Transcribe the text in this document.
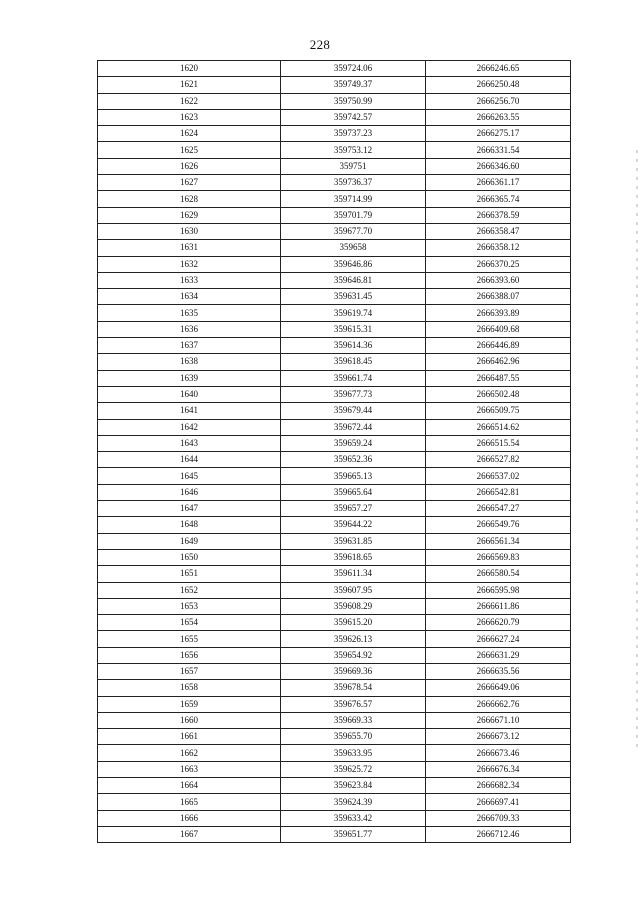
228
1620	359724.06	2666246.65
1621	359749.37	2666250.48
1622	359750.99	2666256.70
1623	359742.57	2666263.55
1624	359737.23	2666275.17
1625	359753.12	2666331.54
1626	359751	2666346.60
1627	359736.37	2666361.17
1628	359714.99	2666365.74
1629	359701.79	2666378.59
1630	359677.70	2666358.47
1631	359658	2666358.12
1632	359646.86	2666370.25
1633	359646.81	2666393.60
1634	359631.45	2666388.07
1635	359619.74	2666393.89
1636	359615.31	2666409.68
1637	359614.36	2666446.89
1638	359618.45	2666462.96
1639	359661.74	2666487.55
1640	359677.73	2666502.48
1641	359679.44	2666509.75
1642	359672.44	2666514.62
1643	359659.24	2666515.54
1644	359652.36	2666527.82
1645	359665.13	2666537.02
1646	359665.64	2666542.81
1647	359657.27	2666547.27
1648	359644.22	2666549.76
1649	359631.85	2666561.34
1650	359618.65	2666569.83
1651	359611.34	2666580.54
1652	359607.95	2666595.98
1653	359608.29	2666611.86
1654	359615.20	2666620.79
1655	359626.13	2666627.24
1656	359654.92	2666631.29
1657	359669.36	2666635.56
1658	359678.54	2666649.06
1659	359676.57	2666662.76
1660	359669.33	2666671.10
1661	359655.70	2666673.12
1662	359633.95	2666673.46
1663	359625.72	2666676.34
1664	359623.84	2666682.34
1665	359624.39	2666697.41
1666	359633.42	2666709.33
1667	359651.77	2666712.46
